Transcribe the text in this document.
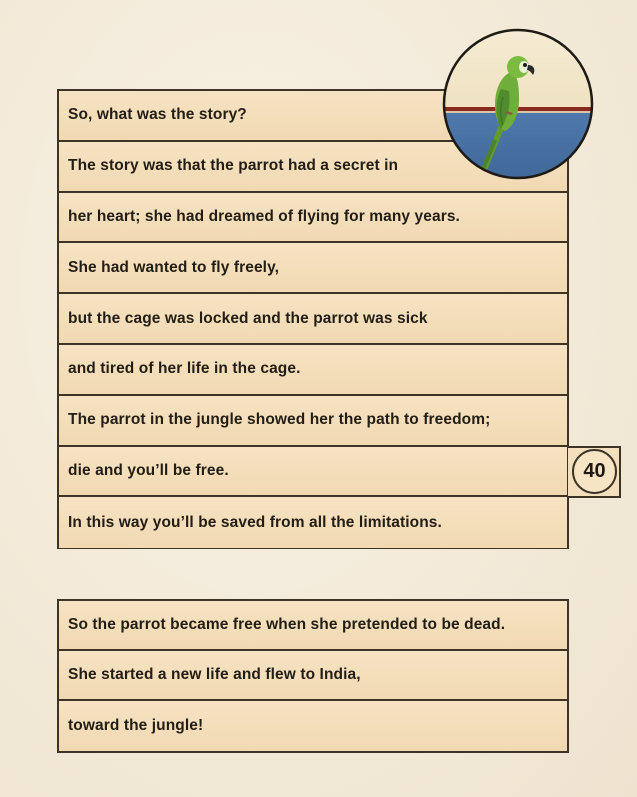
So, what was the story?
The story was that the parrot had a secret in
her heart; she had dreamed of flying for many years.
She had wanted to fly freely,
but the cage was locked and the parrot was sick
and tired of her life in the cage.
The parrot in the jungle showed her the path to freedom;
die and you’ll be free.
In this way you’ll be saved from all the limitations.
40
So the parrot became free when she pretended to be dead.
She started a new life and flew to India,
toward the jungle!
